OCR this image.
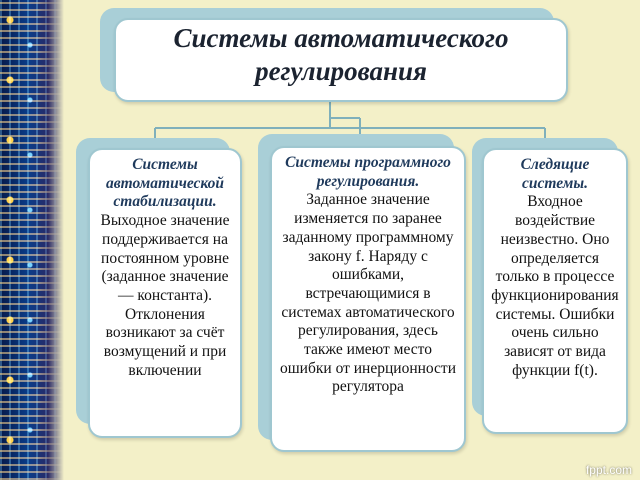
Системы автоматического регулирования
Системы автоматической стабилизации.
Выходное значение поддерживается на постоянном уровне (заданное значение — константа). Отклонения возникают за счёт возмущений и при включении
Системы программного регулирования.
Заданное значение изменяется по заранее заданному программному закону f. Наряду с ошибками, встречающимися в системах автоматического регулирования, здесь также имеют место ошибки от инерционности регулятора
Следящие системы.
Входное воздействие неизвестно. Оно определяется только в процессе функционирования системы. Ошибки очень сильно зависят от вида функции f(t).
fppt.com
